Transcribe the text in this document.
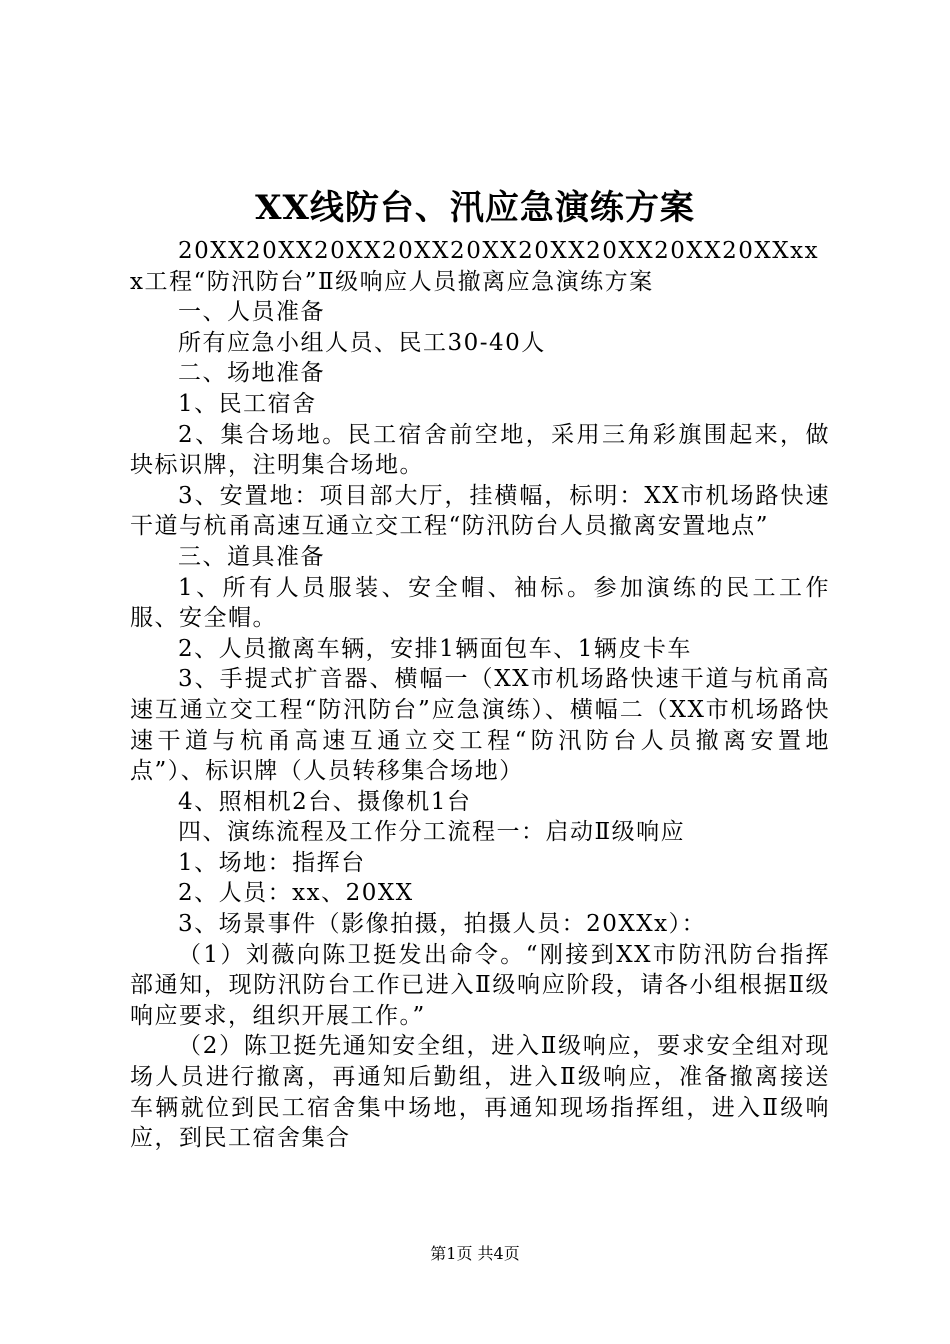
XX线防台、汛应急演练方案

20XX20XX20XX20XX20XX20XX20XX20XX20XXxxx工程“防汛防台”Ⅱ级响应人员撤离应急演练方案

一、人员准备

所有应急小组人员、民工30-40人

二、场地准备

1、民工宿舍

2、集合场地。民工宿舍前空地，采用三角彩旗围起来，做块标识牌，注明集合场地。

3、安置地：项目部大厅，挂横幅，标明：XX市机场路快速干道与杭甬高速互通立交工程“防汛防台人员撤离安置地点”

三、道具准备

1、所有人员服装、安全帽、袖标。参加演练的民工工作服、安全帽。

2、人员撤离车辆，安排1辆面包车、1辆皮卡车

3、手提式扩音器、横幅一（XX市机场路快速干道与杭甬高速互通立交工程“防汛防台”应急演练）、横幅二（XX市机场路快速干道与杭甬高速互通立交工程“防汛防台人员撤离安置地点”）、标识牌（人员转移集合场地）

4、照相机2台、摄像机1台

四、演练流程及工作分工流程一：启动Ⅱ级响应

1、场地：指挥台

2、人员：xx、20XX

3、场景事件（影像拍摄，拍摄人员：20XXx）：

（1）刘薇向陈卫挺发出命令。“刚接到XX市防汛防台指挥部通知，现防汛防台工作已进入Ⅱ级响应阶段，请各小组根据Ⅱ级响应要求，组织开展工作。”

（2）陈卫挺先通知安全组，进入Ⅱ级响应，要求安全组对现场人员进行撤离，再通知后勤组，进入Ⅱ级响应，准备撤离接送车辆就位到民工宿舍集中场地，再通知现场指挥组，进入Ⅱ级响应，到民工宿舍集合

第1页 共4页
